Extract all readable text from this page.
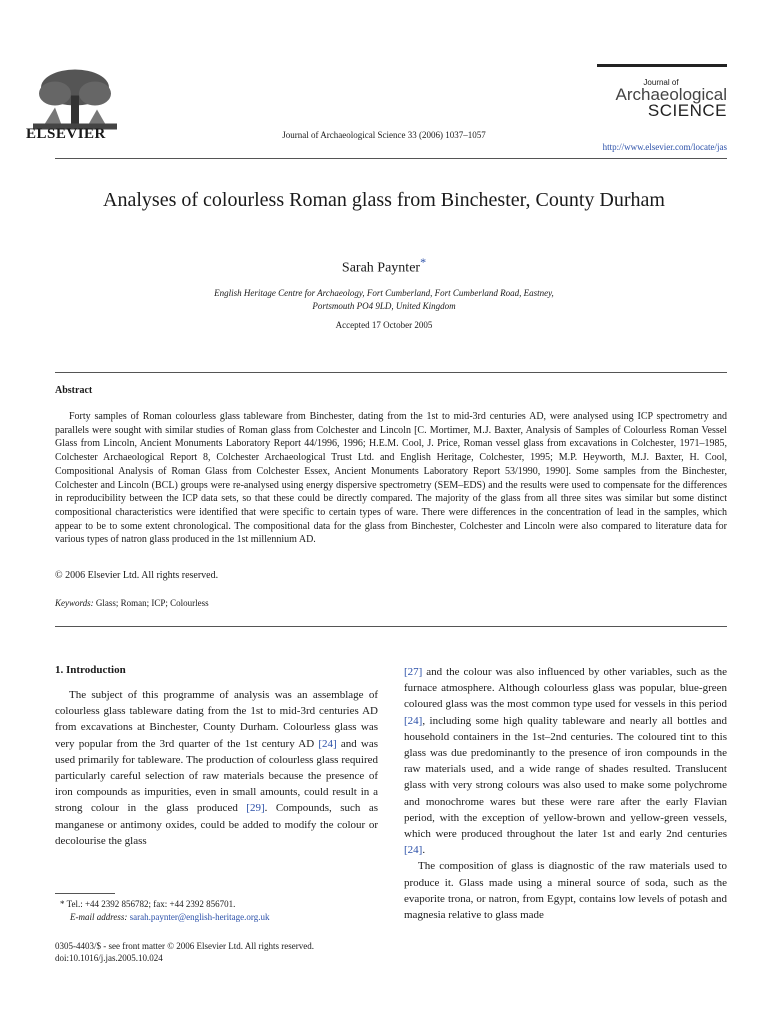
ELSEVIER	Journal of Archaeological Science 33 (2006) 1037–1057
Journal of
Archaeological
SCIENCE
http://www.elsevier.com/locate/jas
Analyses of colourless Roman glass from Binchester, County Durham
Sarah Paynter*
English Heritage Centre for Archaeology, Fort Cumberland, Fort Cumberland Road, Eastney,
Portsmouth PO4 9LD, United Kingdom
Accepted 17 October 2005
Abstract
Forty samples of Roman colourless glass tableware from Binchester, dating from the 1st to mid-3rd centuries AD, were analysed using ICP spectrometry and parallels were sought with similar studies of Roman glass from Colchester and Lincoln [C. Mortimer, M.J. Baxter, Analysis of Samples of Colourless Roman Vessel Glass from Lincoln, Ancient Monuments Laboratory Report 44/1996, 1996; H.E.M. Cool, J. Price, Roman vessel glass from excavations in Colchester, 1971–1985, Colchester Archaeological Report 8, Colchester Archaeological Trust Ltd. and English Heritage, Colchester, 1995; M.P. Heyworth, M.J. Baxter, H. Cool, Compositional Analysis of Roman Glass from Colchester Essex, Ancient Monuments Laboratory Report 53/1990, 1990]. Some samples from the Binchester, Colchester and Lincoln (BCL) groups were re-analysed using energy dispersive spectrometry (SEM–EDS) and the results were used to compensate for the differences in reproducibility between the ICP data sets, so that these could be directly compared. The majority of the glass from all three sites was similar but some distinct compositional characteristics were identified that were specific to certain types of ware. There were differences in the concentration of lead in the samples, which appear to be to some extent chronological. The compositional data for the glass from Binchester, Colchester and Lincoln were also compared to literature data for various types of natron glass produced in the 1st millennium AD.
© 2006 Elsevier Ltd. All rights reserved.
Keywords: Glass; Roman; ICP; Colourless
1. Introduction
The subject of this programme of analysis was an assemblage of colourless glass tableware dating from the 1st to mid-3rd centuries AD from excavations at Binchester, County Durham. Colourless glass was very popular from the 3rd quarter of the 1st century AD [24] and was used primarily for tableware. The production of colourless glass required particularly careful selection of raw materials because the presence of iron compounds as impurities, even in small amounts, could result in a strong colour in the glass produced [29]. Compounds, such as manganese or antimony oxides, could be added to modify the colour or decolourise the glass

[27] and the colour was also influenced by other variables, such as the furnace atmosphere. Although colourless glass was popular, blue-green coloured glass was the most common type used for vessels in this period [24], including some high quality tableware and nearly all bottles and household containers in the 1st–2nd centuries. The coloured tint to this glass was due predominantly to the presence of iron compounds in the raw materials used, and a wide range of shades resulted. Translucent glass with very strong colours was also used to make some polychrome and monochrome wares but these were rare after the early Flavian period, with the exception of yellow-brown and yellow-green vessels, which were produced throughout the later 1st and early 2nd centuries [24].

The composition of glass is diagnostic of the raw materials used to produce it. Glass made using a mineral source of soda, such as the evaporite trona, or natron, from Egypt, contains low levels of potash and magnesia relative to glass made

* Tel.: +44 2392 856782; fax: +44 2392 856701.
E-mail address: sarah.paynter@english-heritage.org.uk
0305-4403/$ - see front matter © 2006 Elsevier Ltd. All rights reserved.
doi:10.1016/j.jas.2005.10.024
